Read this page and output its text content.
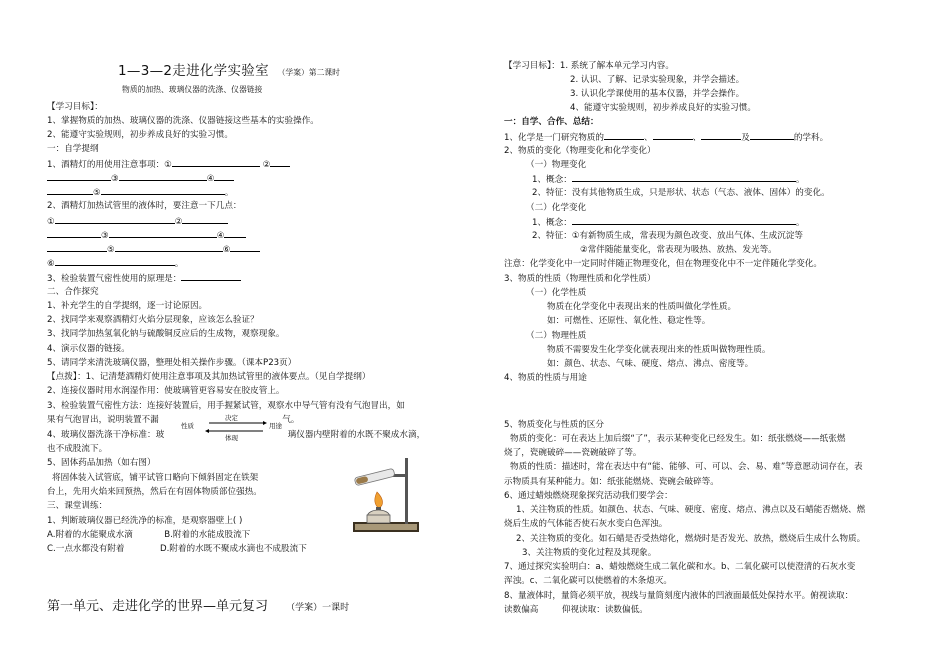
1—3—2走进化学实验室 （学案）第二课时
物质的加热、玻璃仪器的洗涤、仪器链接
【学习目标】：
1、掌握物质的加热、玻璃仪器的洗涤、仪器链接这些基本的实验操作。
2、能遵守实验规则，初步养成良好的实验习惯。
一：自学提纲
1、酒精灯的用使用注意事项：①	②
③	④
⑤	。
2、酒精灯加热试管里的液体时，要注意一下几点：
①	②
③	④
⑤	⑥
⑥	。
3、检验装置气密性使用的原理是：
二、合作探究
1、补充学生的自学提纲，逐一讨论原因。
2、找同学来观察酒精灯火焰分层现象，应该怎么验证？
3、找同学加热氢氧化钠与硫酸铜反应后的生成物，观察现象。
4、演示仪器的链接。
5、请同学来清洗玻璃仪器，整理处相关操作步骤。（课本P23页）
【点拨】：1、记清楚酒精灯使用注意事项及其加热试管里的液体要点。（见自学提纲）
2、连接仪器时用水润湿作用：使玻璃管更容易安在胶皮管上。
3、检验装置气密性方法：连接好装置后，用手握紧试管，观察水中导气管有没有气泡冒出，如
果有气泡冒出，说明装置不漏	气。
4、玻璃仪器洗涤干净标准：玻	璃仪器内壁附着的水既不聚成水滴，
决定
性质	用途
体现
也不成股流下。
5、固体药品加热（如右图）
将固体装入试管底，铺平试管口略向下倾斜固定在铁架
台上，先用火焰来回预热，然后在有固体物质部位强热。
三、课堂训练：
1、判断玻璃仪器已经洗净的标准，是观察器壁上( )
A.附着的水能聚成水滴	B.附着的水能成股流下
C.一点水都没有附着	D.附着的水既不聚成水滴也不成股流下
第一单元、走进化学的世界—单元复习 （学案）一课时
【学习目标】：1. 系统了解本单元学习内容。
2. 认识、了解、记录实验现象，并学会描述。
3. 认识化学课使用的基本仪器，并学会操作。
4、能遵守实验规则，初步养成良好的实验习惯。
一：自学、合作、总结：
1、化学是一门研究物质的	、	、	及	的学科。
2、物质的变化（物理变化和化学变化）
（一）物理变化
1、概念：	。
2、特征：没有其他物质生成，只是形状、状态（气态、液体、固体）的变化。
（二）化学变化
1、概念：	。
2、特征：①有新物质生成，常表现为颜色改变、放出气体、生成沉淀等
②常伴随能量变化，常表现为吸热、放热、发光等。
注意：化学变化中一定同时伴随正物理变化，但在物理变化中不一定伴随化学变化。
3、物质的性质（物理性质和化学性质）
（一）化学性质
物质在化学变化中表现出来的性质叫做化学性质。
如：可燃性、还原性、氧化性、稳定性等。
（二）物理性质
物质不需要发生化学变化就表现出来的性质叫做物理性质。
如：颜色、状态、气味、硬度、熔点、沸点、密度等。
4、物质的性质与用途
5、物质变化与性质的区分
物质的变化：可在表达上加后缀“了”，表示某种变化已经发生。如：纸张燃烧——纸张燃
烧了，瓷碗破碎——瓷碗破碎了等。
物质的性质：描述时，常在表达中有“能、能够、可、可以、会、易、难”等意愿动词存在，表
示物质具有某种能力。如：纸张能燃烧、瓷碗会破碎等。
6、通过蜡烛燃烧现象探究活动我们要学会：
1、关注物质的性质。如颜色、状态、气味、硬度、密度、熔点、沸点以及石蜡能否燃烧、燃
烧后生成的气体能否使石灰水变白色浑浊。
2、关注物质的变化。如石蜡是否受热熔化，燃烧时是否发光、放热，燃烧后生成什么物质。
3、关注物质的变化过程及其现象。
7、通过探究实验明白：a、蜡烛燃烧生成二氧化碳和水。b、二氧化碳可以使澄清的石灰水变
浑浊。c、二氧化碳可以使燃着的木条熄灭。
8、量液体时，量筒必须平放，视线与量筒刻度内液体的凹液面最低处保持水平。俯视读取：
读数偏高	仰视读取：读数偏低。
